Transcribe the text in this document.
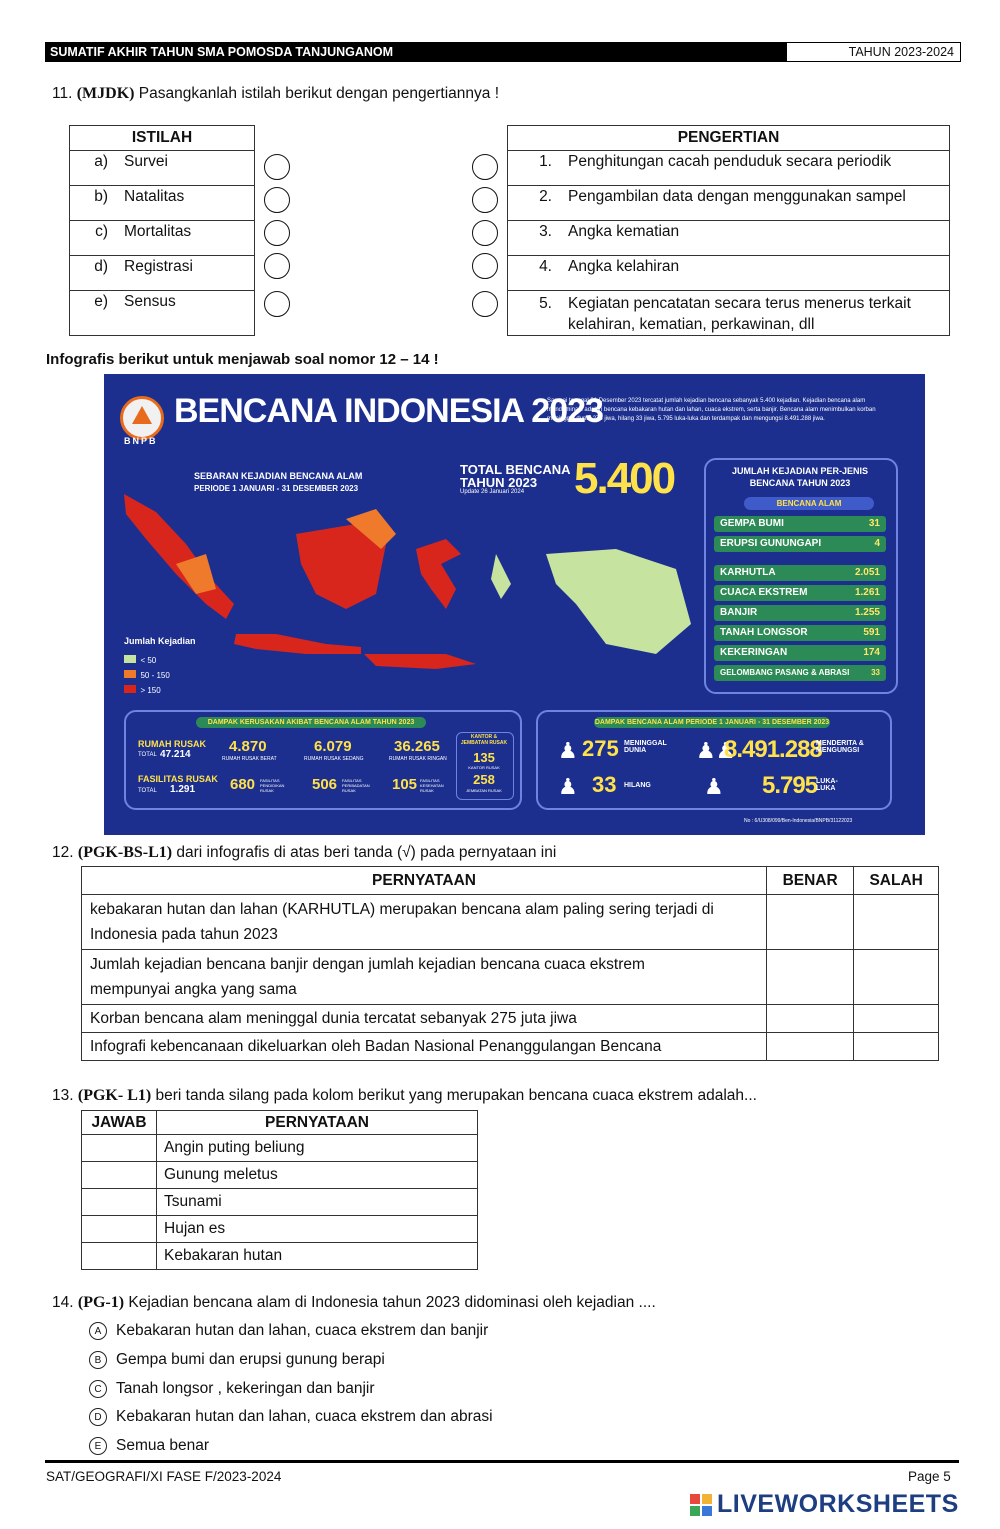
SUMATIF AKHIR TAHUN SMA POMOSDA TANJUNGANOM	TAHUN 2023-2024
11. (MJDK) Pasangkanlah istilah berikut dengan pengertiannya !
ISTILAH
a) Survei
b) Natalitas
c) Mortalitas
d) Registrasi
e) Sensus
PENGERTIAN
1. Penghitungan cacah penduduk secara periodik
2. Pengambilan data dengan menggunakan sampel
3. Angka kematian
4. Angka kelahiran
5. Kegiatan pencatatan secara terus menerus terkait
kelahiran, kematian, perkawinan, dll
Infografis berikut untuk menjawab soal nomor 12 – 14 !
BNPB
BENCANA INDONESIA 2023
Sampai tanggal 31 Desember 2023 tercatat jumlah kejadian bencana sebanyak 5.400 kejadian. Kejadian bencana alam mendominasi adalah bencana kebakaran hutan dan lahan, cuaca ekstrem, serta banjir. Bencana alam menimbulkan korban meninggal dunia 275 jiwa, hilang 33 jiwa, 5.795 luka-luka dan terdampak dan mengungsi 8.491.288 jiwa.
SEBARAN KEJADIAN BENCANA ALAM
PERIODE 1 JANUARI - 31 DESEMBER 2023
TOTAL BENCANA
TAHUN 2023
Update 26 Januari 2024 5.400
Jumlah Kejadian
< 50
50 - 150
> 150
JUMLAH KEJADIAN PER-JENIS
BENCANA TAHUN 2023
BENCANA ALAM
GEMPA BUMI	31
ERUPSI GUNUNGAPI	4
KARHUTLA	2.051
CUACA EKSTREM	1.261
BANJIR	1.255
TANAH LONGSOR	591
KEKERINGAN	174
GELOMBANG PASANG & ABRASI	33
DAMPAK KERUSAKAN AKIBAT BENCANA ALAM TAHUN 2023
RUMAH RUSAK
TOTAL 47.214	4.870
RUMAH RUSAK BERAT
6.079
RUMAH RUSAK SEDANG
36.265
RUMAH RUSAK RINGAN
FASILITAS RUSAK
TOTAL 1.291 680 FASILITAS PENDIDIKAN RUSAK	506 FASILITAS PERIBADATAN RUSAK	105 FASILITAS KESEHATAN RUSAK
KANTOR & JEMBATAN RUSAK
135
KANTOR RUSAK
258
JEMBATAN RUSAK
DAMPAK BENCANA ALAM PERIODE 1 JANUARI - 31 DESEMBER 2023
♟ 275 MENINGGAL DUNIA
♟ 33 HILANG
♟♟
8.491.288
MENDERITA & MENGUNGSI
♟ 5.795
LUKA-LUKA
No : 6/U308/099/Ben-Indonesia/BNPB/31122023
12. (PGK-BS-L1) dari infografis di atas beri tanda (√) pada pernyataan ini
PERNYATAAN	BENAR	SALAH
kebakaran hutan dan lahan (KARHUTLA) merupakan bencana alam paling sering terjadi di
Indonesia pada tahun 2023		
Jumlah kejadian bencana banjir dengan jumlah kejadian bencana cuaca ekstrem
mempunyai angka yang sama		
Korban bencana alam meninggal dunia tercatat sebanyak 275 juta jiwa		
Infografi kebencanaan dikeluarkan oleh Badan Nasional Penanggulangan Bencana		
13. (PGK- L1) beri tanda silang pada kolom berikut yang merupakan bencana cuaca ekstrem adalah...
JAWAB	PERNYATAAN
	Angin puting beliung
	Gunung meletus
	Tsunami
	Hujan es
	Kebakaran hutan
14. (PG-1) Kejadian bencana alam di Indonesia tahun 2023 didominasi oleh kejadian ....
A Kebakaran hutan dan lahan, cuaca ekstrem dan banjir
B Gempa bumi dan erupsi gunung berapi
C Tanah longsor , kekeringan dan banjir
D Kebakaran hutan dan lahan, cuaca ekstrem dan abrasi
E Semua benar
SAT/GEOGRAFI/XI FASE F/2023-2024	Page 5
LIVEWORKSHEETS
